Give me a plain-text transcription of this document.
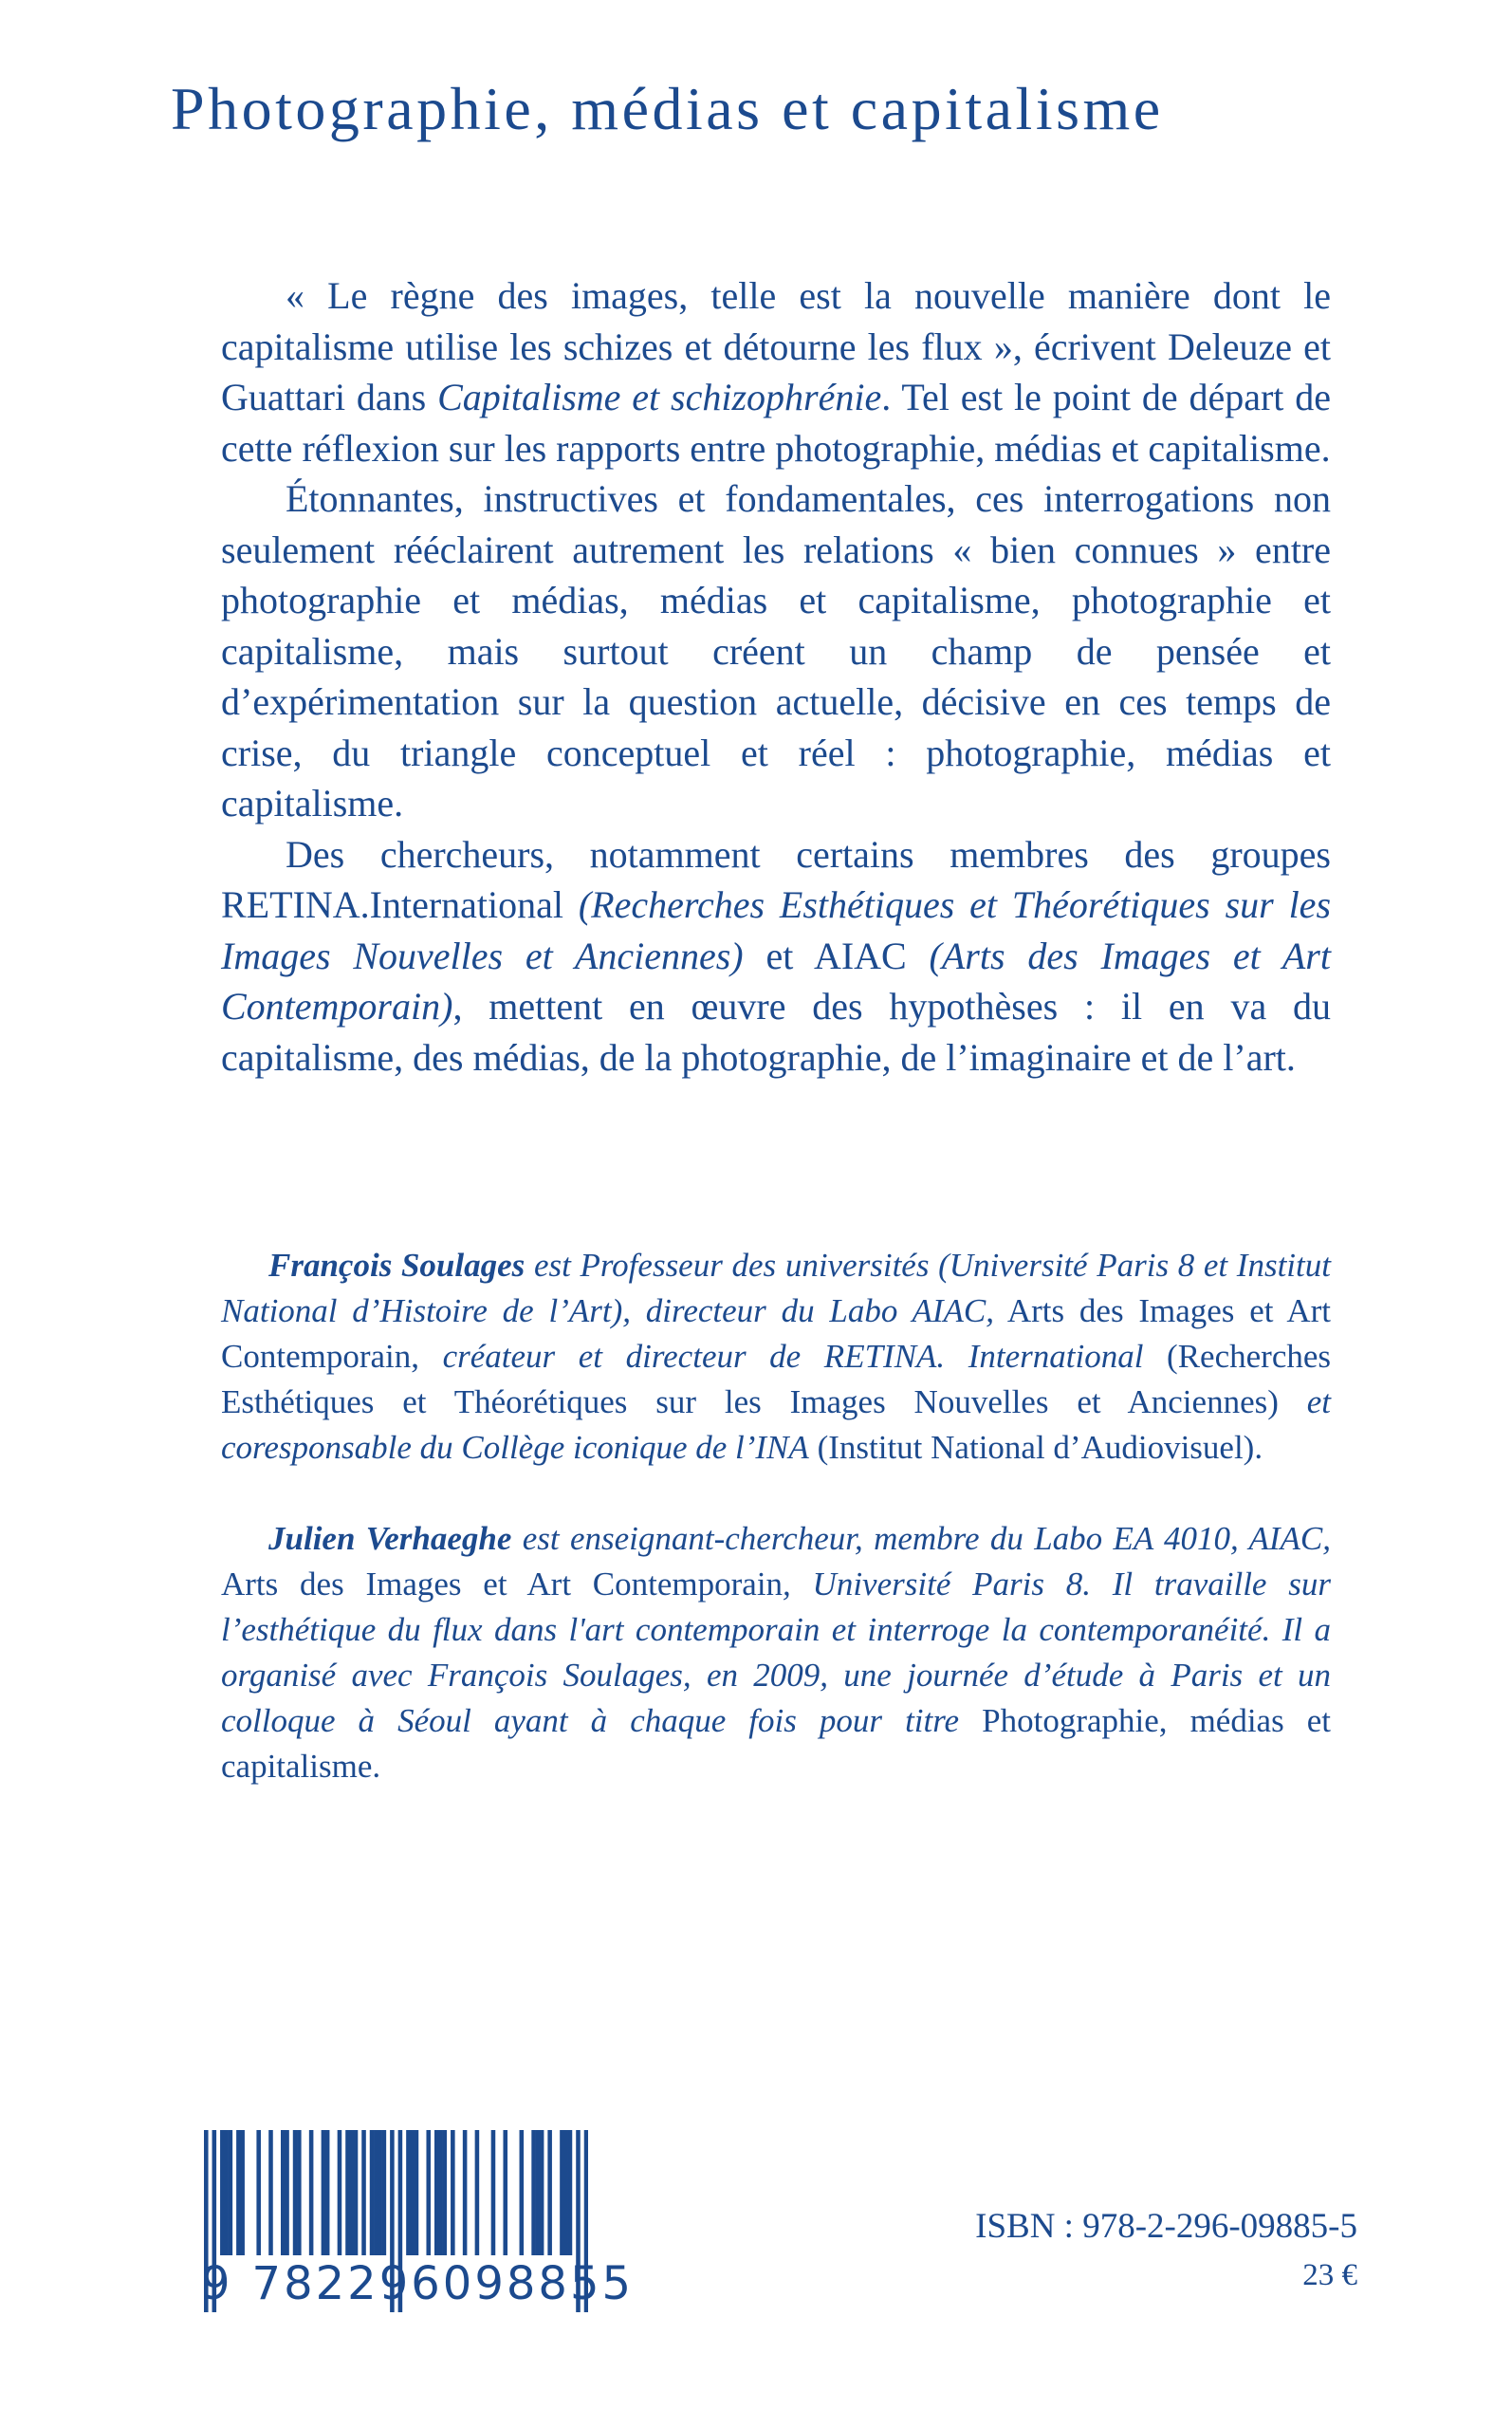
Photographie, médias et capitalisme

« Le règne des images, telle est la nouvelle manière dont le capitalisme utilise les schizes et détourne les flux », écrivent Deleuze et Guattari dans Capitalisme et schizophrénie. Tel est le point de départ de cette réflexion sur les rapports entre photographie, médias et capitalisme.

Étonnantes, instructives et fondamentales, ces interrogations non seulement rééclairent autrement les relations « bien connues » entre photographie et médias, médias et capitalisme, photographie et capitalisme, mais surtout créent un champ de pensée et d’expérimentation sur la question actuelle, décisive en ces temps de crise, du triangle conceptuel et réel : photographie, médias et capitalisme.

Des chercheurs, notamment certains membres des groupes RETINA.International (Recherches Esthétiques et Théorétiques sur les Images Nouvelles et Anciennes) et AIAC (Arts des Images et Art Contemporain), mettent en œuvre des hypothèses : il en va du capitalisme, des médias, de la photographie, de l’imaginaire et de l’art.

François Soulages est Professeur des universités (Université Paris 8 et Institut National d’Histoire de l’Art), directeur du Labo AIAC, Arts des Images et Art Contemporain, créateur et directeur de RETINA. International (Recherches Esthétiques et Théorétiques sur les Images Nouvelles et Anciennes) et coresponsable du Collège iconique de l’INA (Institut National d’Audiovisuel).

Julien Verhaeghe est enseignant-chercheur, membre du Labo EA 4010, AIAC, Arts des Images et Art Contemporain, Université Paris 8. Il travaille sur l’esthétique du flux dans l'art contemporain et interroge la contemporanéité. Il a organisé avec François Soulages, en 2009, une journée d’étude à Paris et un colloque à Séoul ayant à chaque fois pour titre Photographie, médias et capitalisme.

9 782296098855
ISBN : 978-2-296-09885-5
23 €
